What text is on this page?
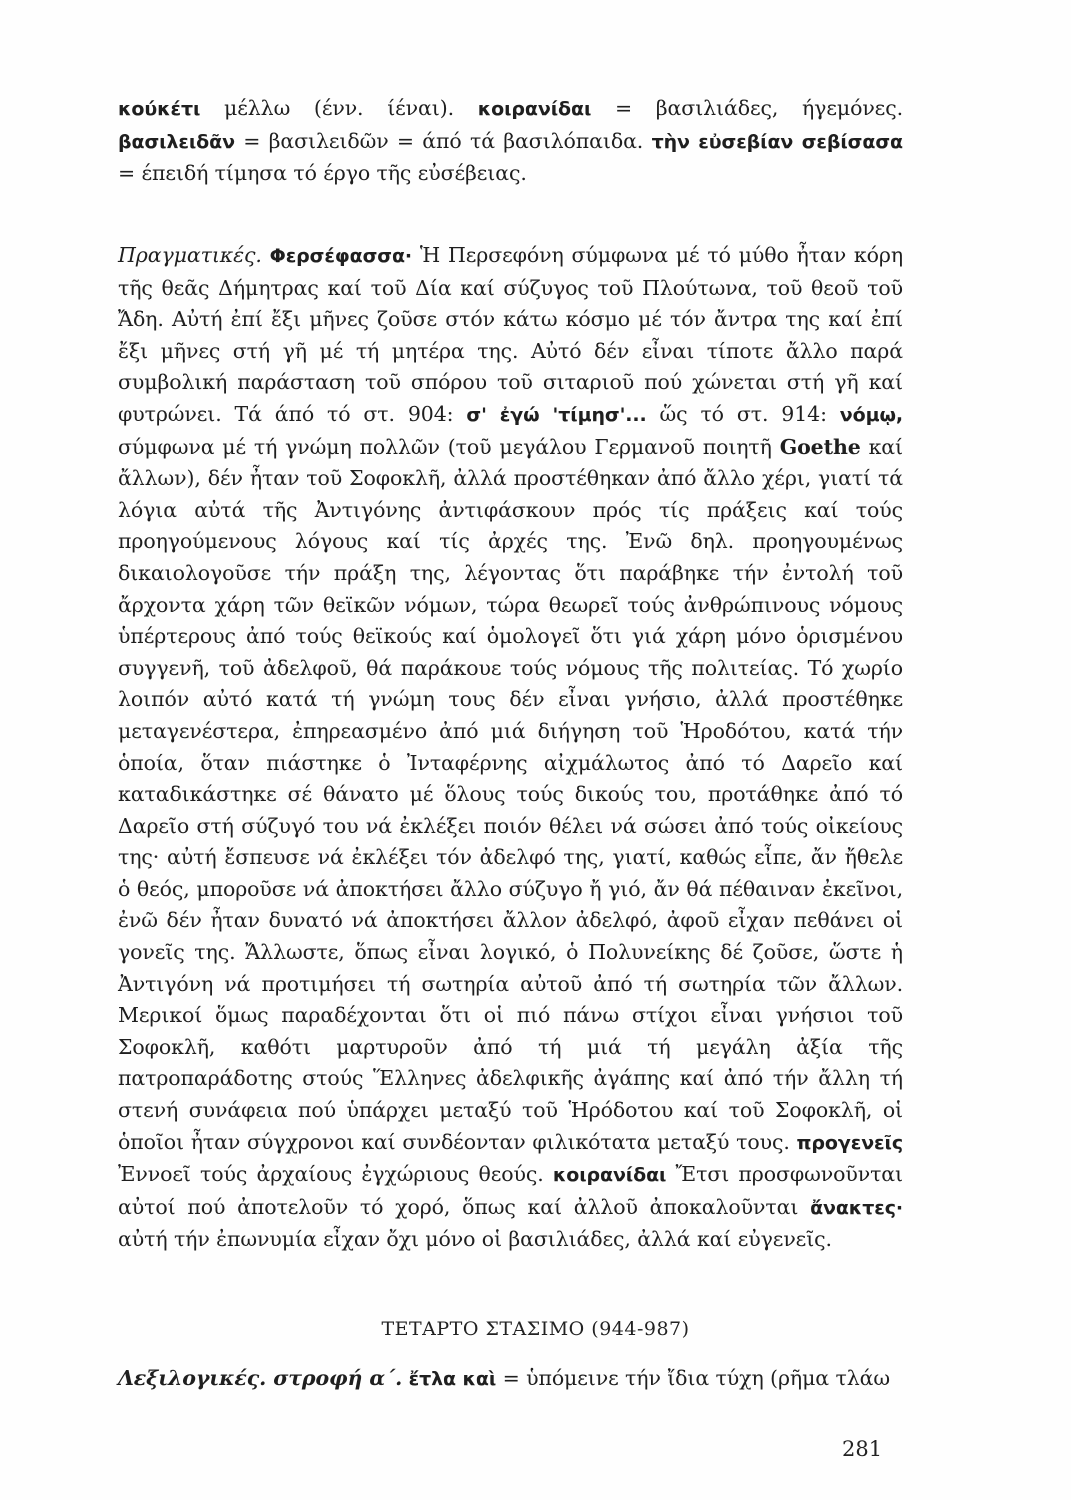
κούκέτι μέλλω (ένν. ίέναι). κοιρανίδαι = βασιλιάδες, ήγεμόνες. βασιλειδᾶν = βασιλειδῶν = άπό τά βασιλόπαιδα. τὴν εὐσεβίαν σεβίσασα = έπειδή τίμησα τό έργο τῆς εὐσέβειας.
Πραγματικές. Φερσέφασσα· Ἡ Περσεφόνη σύμφωνα μέ τό μύθο ἦταν κόρη τῆς θεᾶς Δήμητρας καί τοῦ Δία καί σύζυγος τοῦ Πλούτωνα, τοῦ θεοῦ τοῦ Ἄδη. Αὐτή ἐπί ἔξι μῆνες ζοῦσε στόν κάτω κόσμο μέ τόν ἄντρα της καί ἐπί ἔξι μῆνες στή γῆ μέ τή μητέρα της. Αὐτό δέν εἶναι τίποτε ἄλλο παρά συμβολική παράσταση τοῦ σπόρου τοῦ σιταριοῦ πού χώνεται στή γῆ καί φυτρώνει. Τά άπό τό στ. 904: σ' ἐγώ 'τίμησ'... ὥς τό στ. 914: νόμῳ, σύμφωνα μέ τή γνώμη πολλῶν (τοῦ μεγάλου Γερμανοῦ ποιητῆ Goethe καί ἄλλων), δέν ἦταν τοῦ Σοφοκλῆ, ἀλλά προστέθηκαν ἀπό ἄλλο χέρι, γιατί τά λόγια αὐτά τῆς Ἀντιγόνης ἀντιφάσκουν πρός τίς πράξεις καί τούς προηγούμενους λόγους καί τίς ἀρχές της. Ἐνῶ δηλ. προηγουμένως δικαιολογοῦσε τήν πράξη της, λέγοντας ὅτι παράβηκε τήν ἐντολή τοῦ ἄρχοντα χάρη τῶν θεϊκῶν νόμων, τώρα θεωρεῖ τούς ἀνθρώπινους νόμους ὑπέρτερους ἀπό τούς θεϊκούς καί ὁμολογεῖ ὅτι γιά χάρη μόνο ὁρισμένου συγγενῆ, τοῦ ἀδελφοῦ, θά παράκουε τούς νόμους τῆς πολιτείας. Τό χωρίο λοιπόν αὐτό κατά τή γνώμη τους δέν εἶναι γνήσιο, ἀλλά προστέθηκε μεταγενέστερα, ἐπηρεασμένο ἀπό μιά διήγηση τοῦ Ἡροδότου, κατά τήν ὁποία, ὅταν πιάστηκε ὁ Ἰνταφέρνης αἰχμάλωτος ἀπό τό Δαρεῖο καί καταδικάστηκε σέ θάνατο μέ ὅλους τούς δικούς του, προτάθηκε ἀπό τό Δαρεῖο στή σύζυγό του νά ἐκλέξει ποιόν θέλει νά σώσει ἀπό τούς οἰκείους της· αὐτή ἔσπευσε νά ἐκλέξει τόν ἀδελφό της, γιατί, καθώς εἶπε, ἄν ἤθελε ὁ θεός, μποροῦσε νά ἀποκτήσει ἄλλο σύζυγο ἤ γιό, ἄν θά πέθαιναν ἐκεῖνοι, ἐνῶ δέν ἦταν δυνατό νά ἀποκτήσει ἄλλον ἀδελφό, ἀφοῦ εἶχαν πεθάνει οἱ γονεῖς της. Ἄλλωστε, ὅπως εἶναι λογικό, ὁ Πολυνείκης δέ ζοῦσε, ὥστε ἡ Ἀντιγόνη νά προτιμήσει τή σωτηρία αὐτοῦ ἀπό τή σωτηρία τῶν ἄλλων. Μερικοί ὅμως παραδέχονται ὅτι οἱ πιό πάνω στίχοι εἶναι γνήσιοι τοῦ Σοφοκλῆ, καθότι μαρτυροῦν ἀπό τή μιά τή μεγάλη ἀξία τῆς πατροπαράδοτης στούς Ἕλληνες ἀδελφικῆς ἀγάπης καί ἀπό τήν ἄλλη τή στενή συνάφεια πού ὑπάρχει μεταξύ τοῦ Ἡρόδοτου καί τοῦ Σοφοκλῆ, οἱ ὁποῖοι ἦταν σύγχρονοι καί συνδέονταν φιλικότατα μεταξύ τους. προγενεῖς Ἐννοεῖ τούς ἀρχαίους ἐγχώριους θεούς. κοιρανίδαι Ἔτσι προσφωνοῦνται αὐτοί πού ἀποτελοῦν τό χορό, ὅπως καί ἀλλοῦ ἀποκαλοῦνται ἄνακτες· αὐτή τήν ἐπωνυμία εἶχαν ὄχι μόνο οἱ βασιλιάδες, ἀλλά καί εὐγενεῖς.
ΤΕΤΑΡΤΟ ΣΤΑΣΙΜΟ (944-987)
Λεξιλογικές. στροφή α΄. ἔτλα καὶ = ὑπόμεινε τήν ἴδια τύχη (ρῆμα τλάω
281
